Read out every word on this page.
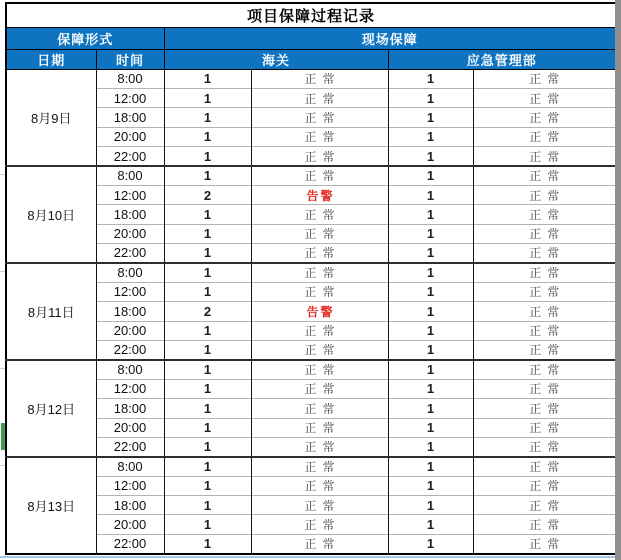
项目保障过程记录					
保障形式		现场保障			
日期	时间	海关		应急管理部	
8月9日	8:00	1	正常	1	正常
	12:00	1	正常	1	正常
	18:00	1	正常	1	正常
	20:00	1	正常	1	正常
	22:00	1	正常	1	正常
8月10日	8:00	1	正常	1	正常
	12:00	2	告警	1	正常
	18:00	1	正常	1	正常
	20:00	1	正常	1	正常
	22:00	1	正常	1	正常
8月11日	8:00	1	正常	1	正常
	12:00	1	正常	1	正常
	18:00	2	告警	1	正常
	20:00	1	正常	1	正常
	22:00	1	正常	1	正常
8月12日	8:00	1	正常	1	正常
	12:00	1	正常	1	正常
	18:00	1	正常	1	正常
	20:00	1	正常	1	正常
	22:00	1	正常	1	正常
8月13日	8:00	1	正常	1	正常
	12:00	1	正常	1	正常
	18:00	1	正常	1	正常
	20:00	1	正常	1	正常
	22:00	1	正常	1	正常
